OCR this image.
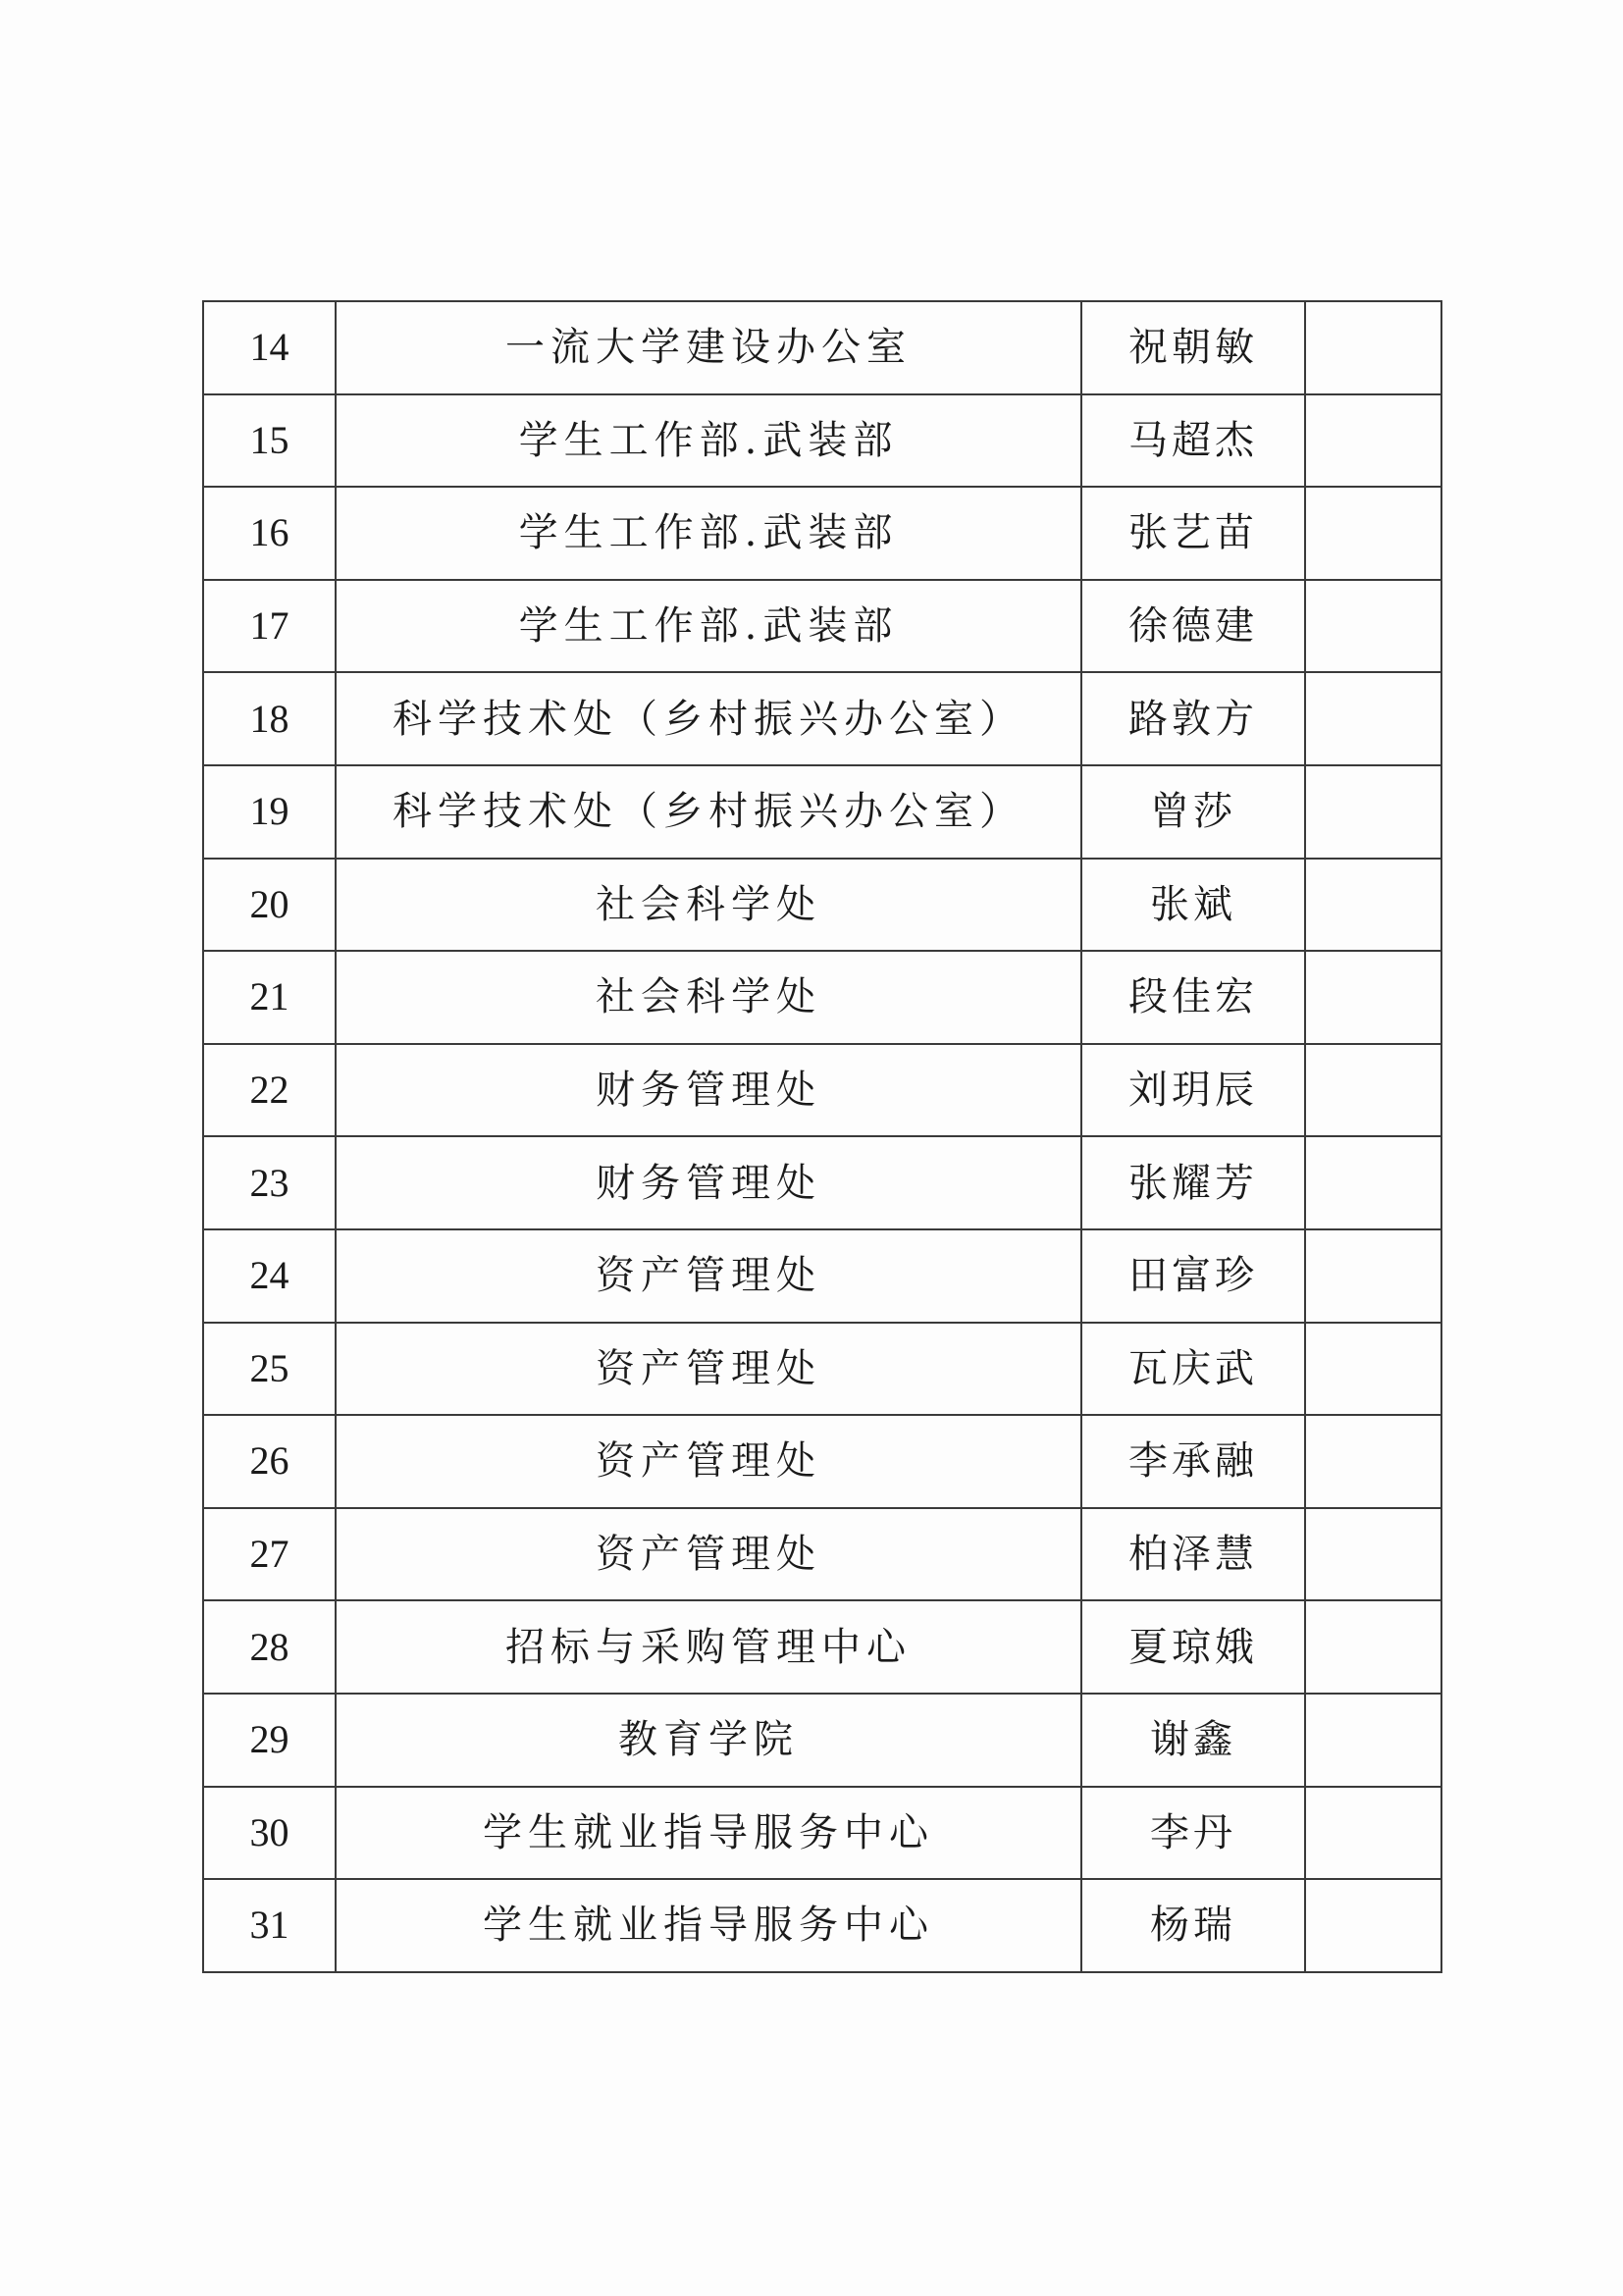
14	一流大学建设办公室	祝朝敏	
15	学生工作部.武装部	马超杰	
16	学生工作部.武装部	张艺苗	
17	学生工作部.武装部	徐德建	
18	科学技术处（乡村振兴办公室）	路敦方	
19	科学技术处（乡村振兴办公室）	曾莎	
20	社会科学处	张斌	
21	社会科学处	段佳宏	
22	财务管理处	刘玥辰	
23	财务管理处	张耀芳	
24	资产管理处	田富珍	
25	资产管理处	瓦庆武	
26	资产管理处	李承融	
27	资产管理处	柏泽慧	
28	招标与采购管理中心	夏琼娥	
29	教育学院	谢鑫	
30	学生就业指导服务中心	李丹	
31	学生就业指导服务中心	杨瑞	
